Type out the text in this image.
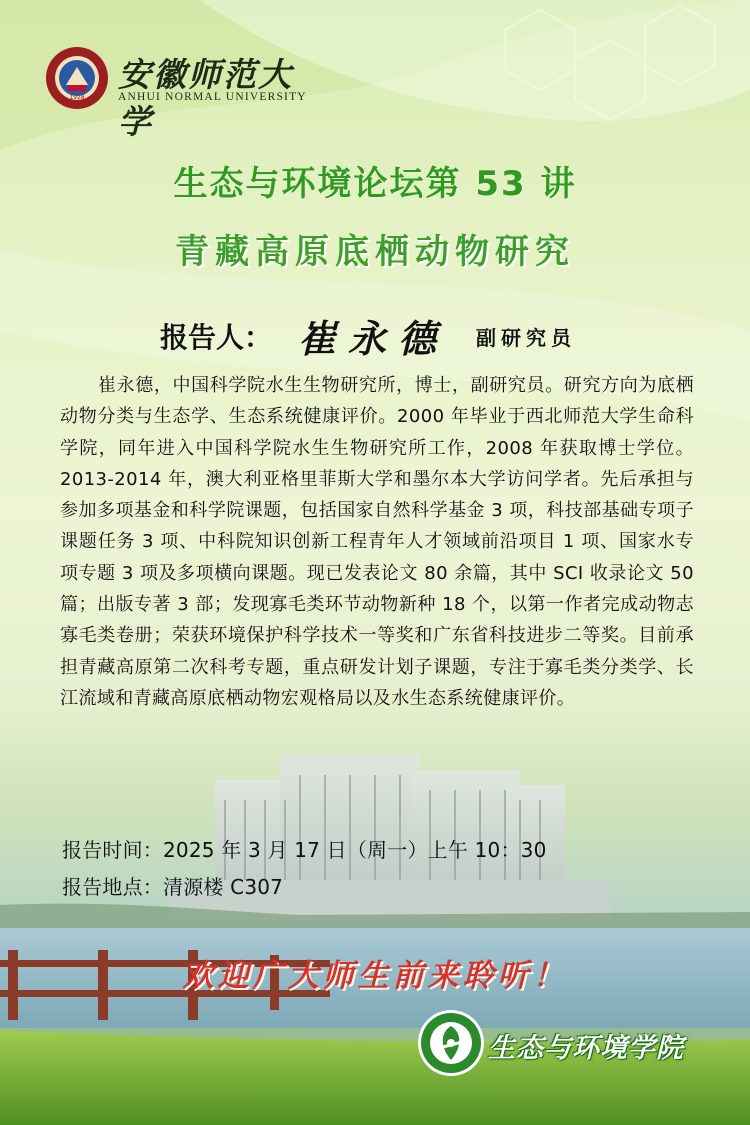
1928
安徽师范大学
ANHUI NORMAL UNIVERSITY
生态与环境论坛第 53 讲
青藏高原底栖动物研究
报告人： 崔永德 副研究员

崔永德，中国科学院水生生物研究所，博士，副研究员。研究方向为底栖动物分类与生态学、生态系统健康评价。2000 年毕业于西北师范大学生命科学院，同年进入中国科学院水生生物研究所工作，2008 年获取博士学位。2013-2014 年，澳大利亚格里菲斯大学和墨尔本大学访问学者。先后承担与参加多项基金和科学院课题，包括国家自然科学基金 3 项，科技部基础专项子课题任务 3 项、中科院知识创新工程青年人才领域前沿项目 1 项、国家水专项专题 3 项及多项横向课题。现已发表论文 80 余篇，其中 SCI 收录论文 50 篇；出版专著 3 部；发现寡毛类环节动物新种 18 个，以第一作者完成动物志寡毛类卷册；荣获环境保护科学技术一等奖和广东省科技进步二等奖。目前承担青藏高原第二次科考专题，重点研发计划子课题，专注于寡毛类分类学、长江流域和青藏高原底栖动物宏观格局以及水生态系统健康评价。

报告时间：2025 年 3 月 17 日（周一）上午 10：30
报告地点：清源楼 C307
欢迎广大师生前来聆听！
生态与环境学院
